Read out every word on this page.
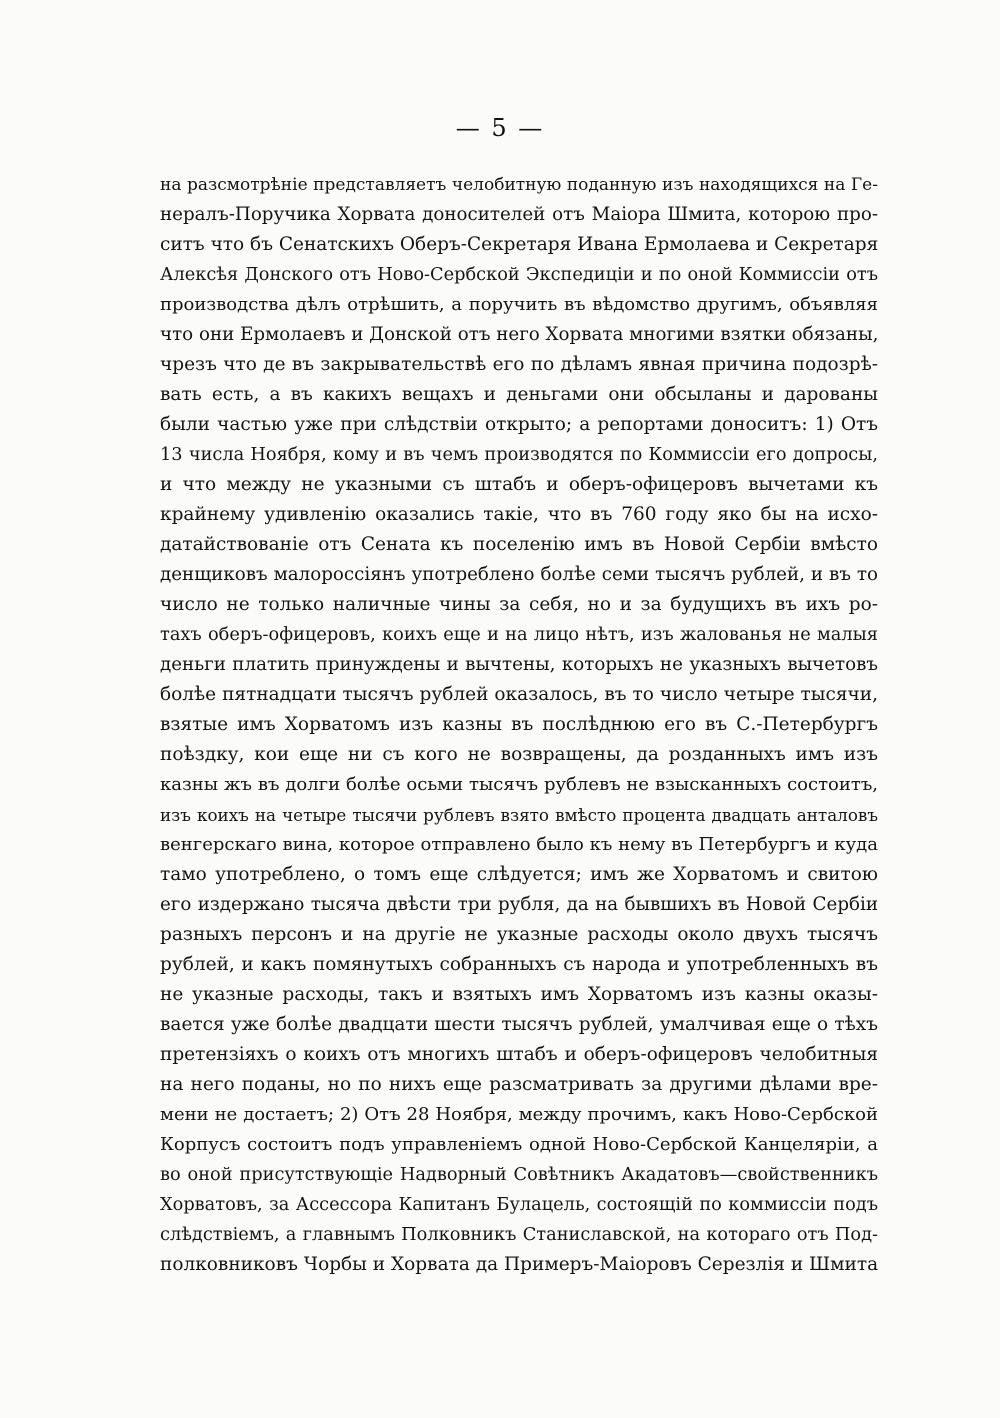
— 5 —
на разсмотрѣніе представляетъ челобитную поданную изъ находящихся на Ге-
нералъ-Поручика Хорвата доносителей отъ Маіора Шмита, которою про-
ситъ что бъ Сенатскихъ Оберъ-Секретаря Ивана Ермолаева и Секретаря
Алексѣя Донского отъ Ново-Сербской Экспедиціи и по оной Коммиссіи отъ
производства дѣлъ отрѣшить, а поручить въ вѣдомство другимъ, объявляя
что они Ермолаевъ и Донской отъ него Хорвата многими взятки обязаны,
чрезъ что де въ закрывательствѣ его по дѣламъ явная причина подозрѣ-
вать есть, а въ какихъ вещахъ и деньгами они обсыланы и дарованы
были частью уже при слѣдствіи открыто; а репортами доноситъ: 1) Отъ
13 числа Ноября, кому и въ чемъ производятся по Коммиссіи его допросы,
и что между не указными съ штабъ и оберъ-офицеровъ вычетами къ
крайнему удивленію оказались такіе, что въ 760 году яко бы на исхо-
датайствованіе отъ Сената къ поселенію имъ въ Новой Сербіи вмѣсто
денщиковъ малороссіянъ употреблено болѣе семи тысячъ рублей, и въ то
число не только наличные чины за себя, но и за будущихъ въ ихъ ро-
тахъ оберъ-офицеровъ, коихъ еще и на лицо нѣтъ, изъ жалованья не малыя
деньги платить принуждены и вычтены, которыхъ не указныхъ вычетовъ
болѣе пятнадцати тысячъ рублей оказалось, въ то число четыре тысячи,
взятые имъ Хорватомъ изъ казны въ послѣднюю его въ С.-Петербургъ
поѣздку, кои еще ни съ кого не возвращены, да розданныхъ имъ изъ
казны жъ въ долги болѣе осьми тысячъ рублевъ не взысканныхъ состоитъ,
изъ коихъ на четыре тысячи рублевъ взято вмѣсто процента двадцать анталовъ
венгерскаго вина, которое отправлено было къ нему въ Петербургъ и куда
тамо употреблено, о томъ еще слѣдуется; имъ же Хорватомъ и свитою
его издержано тысяча двѣсти три рубля, да на бывшихъ въ Новой Сербіи
разныхъ персонъ и на другіе не указные расходы около двухъ тысячъ
рублей, и какъ помянутыхъ собранныхъ съ народа и употребленныхъ въ
не указные расходы, такъ и взятыхъ имъ Хорватомъ изъ казны оказы-
вается уже болѣе двадцати шести тысячъ рублей, умалчивая еще о тѣхъ
претензіяхъ о коихъ отъ многихъ штабъ и оберъ-офицеровъ челобитныя
на него поданы, но по нихъ еще разсматривать за другими дѣлами вре-
мени не достаетъ; 2) Отъ 28 Ноября, между прочимъ, какъ Ново-Сербской
Корпусъ состоитъ подъ управленіемъ одной Ново-Сербской Канцеляріи, а
во оной присутствующіе Надворный Совѣтникъ Акадатовъ—свойственникъ
Хорватовъ, за Ассессора Капитанъ Булацель, состоящій по коммиссіи подъ
слѣдствіемъ, а главнымъ Полковникъ Станиславской, на котораго отъ Под-
полковниковъ Чорбы и Хорвата да Примеръ-Маіоровъ Серезлія и Шмита
